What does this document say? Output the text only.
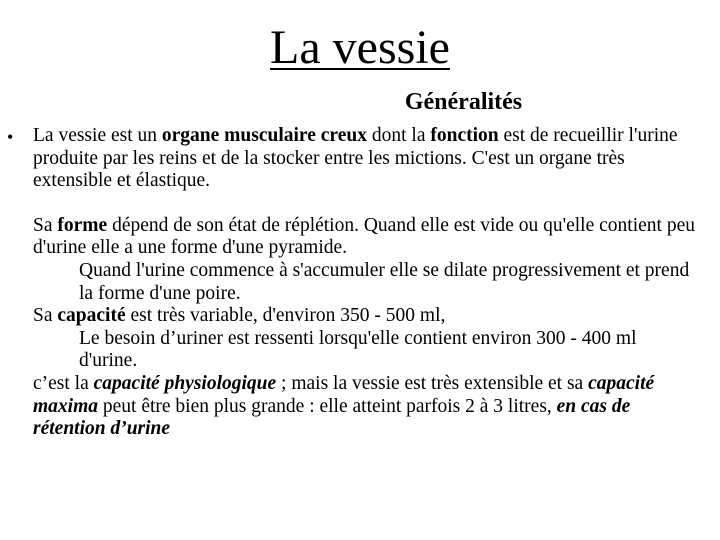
La vessie
Généralités
• La vessie est un organe musculaire creux dont la fonction est de recueillir l'urine produite par les reins et de la stocker entre les mictions. C'est un organe très extensible et élastique.

Sa forme dépend de son état de réplétion. Quand elle est vide ou qu'elle contient peu d'urine elle a une forme d'une pyramide.

Quand l'urine commence à s'accumuler elle se dilate progressivement et prend la forme d'une poire.

Sa capacité est très variable, d'environ 350 - 500 ml,

Le besoin d’uriner est ressenti lorsqu'elle contient environ 300 - 400 ml d'urine.

c’est la capacité physiologique ; mais la vessie est très extensible et sa capacité maxima peut être bien plus grande : elle atteint parfois 2 à 3 litres, en cas de rétention d’urine
